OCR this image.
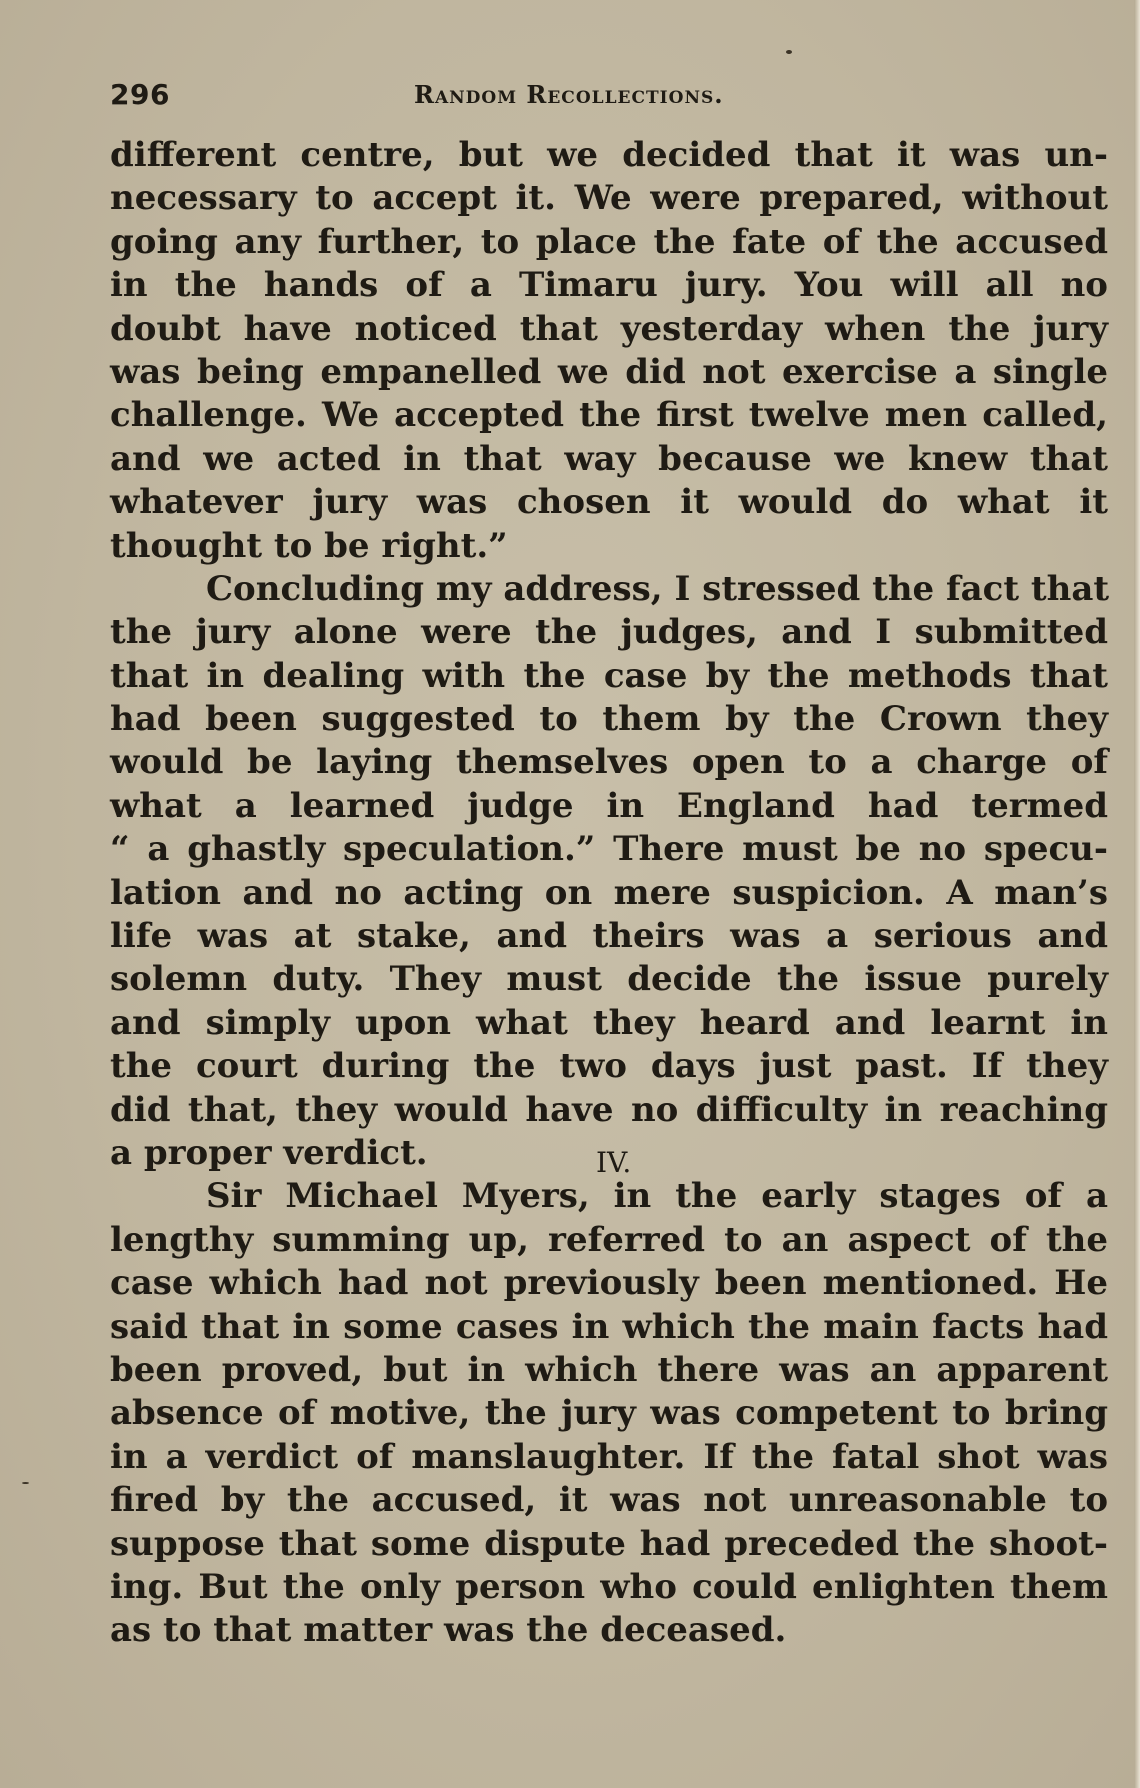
296	Random Recollections.
different centre, but we decided that it was un-
necessary to accept it. We were prepared, without
going any further, to place the fate of the accused
in the hands of a Timaru jury. You will all no
doubt have noticed that yesterday when the jury
was being empanelled we did not exercise a single
challenge. We accepted the first twelve men called,
and we acted in that way because we knew that
whatever jury was chosen it would do what it
thought to be right.”
Concluding my address, I stressed the fact that
the jury alone were the judges, and I submitted
that in dealing with the case by the methods that
had been suggested to them by the Crown they
would be laying themselves open to a charge of
what a learned judge in England had termed
“ a ghastly speculation.” There must be no specu-
lation and no acting on mere suspicion. A man’s
life was at stake, and theirs was a serious and
solemn duty. They must decide the issue purely
and simply upon what they heard and learnt in
the court during the two days just past. If they
did that, they would have no difficulty in reaching
a proper verdict.	IV.
Sir Michael Myers, in the early stages of a
lengthy summing up, referred to an aspect of the
case which had not previously been mentioned. He
said that in some cases in which the main facts had
been proved, but in which there was an apparent
absence of motive, the jury was competent to bring
in a verdict of manslaughter. If the fatal shot was
fired by the accused, it was not unreasonable to
suppose that some dispute had preceded the shoot-
ing. But the only person who could enlighten them
as to that matter was the deceased.
